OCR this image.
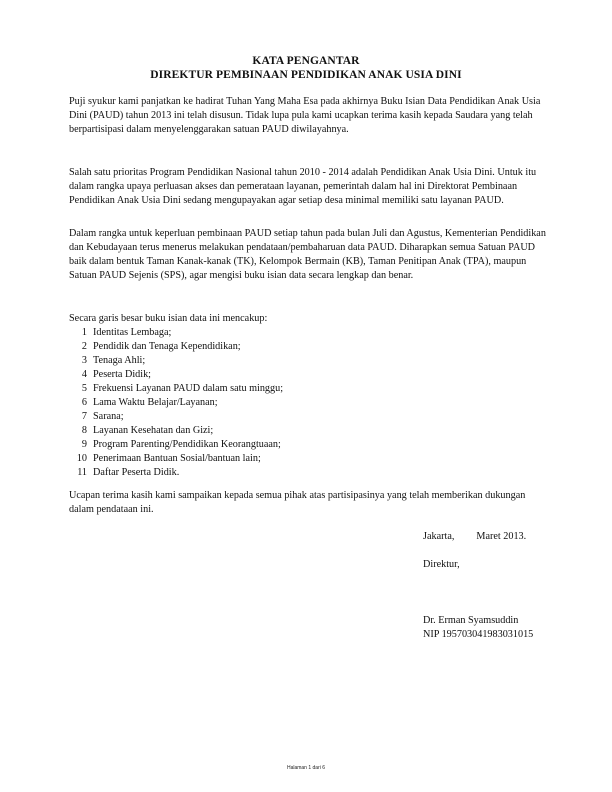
KATA PENGANTAR
DIREKTUR PEMBINAAN PENDIDIKAN ANAK USIA DINI

Puji syukur kami panjatkan ke hadirat Tuhan Yang Maha Esa pada akhirnya Buku Isian Data Pendidikan Anak Usia Dini (PAUD) tahun 2013 ini telah disusun. Tidak lupa pula kami ucapkan terima kasih kepada Saudara yang telah berpartisipasi dalam menyelenggarakan satuan PAUD diwilayahnya.

Salah satu prioritas Program Pendidikan Nasional tahun 2010 - 2014 adalah Pendidikan Anak Usia Dini. Untuk itu dalam rangka upaya perluasan akses dan pemerataan layanan, pemerintah dalam hal ini Direktorat Pembinaan Pendidikan Anak Usia Dini sedang mengupayakan agar setiap desa minimal memiliki satu layanan PAUD.

Dalam rangka untuk keperluan pembinaan PAUD setiap tahun pada bulan Juli dan Agustus, Kementerian Pendidikan dan Kebudayaan terus menerus melakukan pendataan/pembaharuan data PAUD. Diharapkan semua Satuan PAUD baik dalam bentuk Taman Kanak-kanak (TK), Kelompok Bermain (KB), Taman Penitipan Anak (TPA), maupun Satuan PAUD Sejenis (SPS), agar mengisi buku isian data secara lengkap dan benar.

Secara garis besar buku isian data ini mencakup:

1 Identitas Lembaga;
2 Pendidik dan Tenaga Kependidikan;
3 Tenaga Ahli;
4 Peserta Didik;
5 Frekuensi Layanan PAUD dalam satu minggu;
6 Lama Waktu Belajar/Layanan;
7 Sarana;
8 Layanan Kesehatan dan Gizi;
9 Program Parenting/Pendidikan Keorangtuaan;
10 Penerimaan Bantuan Sosial/bantuan lain;
11 Daftar Peserta Didik.

Ucapan terima kasih kami sampaikan kepada semua pihak atas partisipasinya yang telah memberikan dukungan dalam pendataan ini.

Jakarta, Maret 2013.
Direktur,
Dr. Erman Syamsuddin
NIP 195703041983031015
Halaman 1 dari 6
